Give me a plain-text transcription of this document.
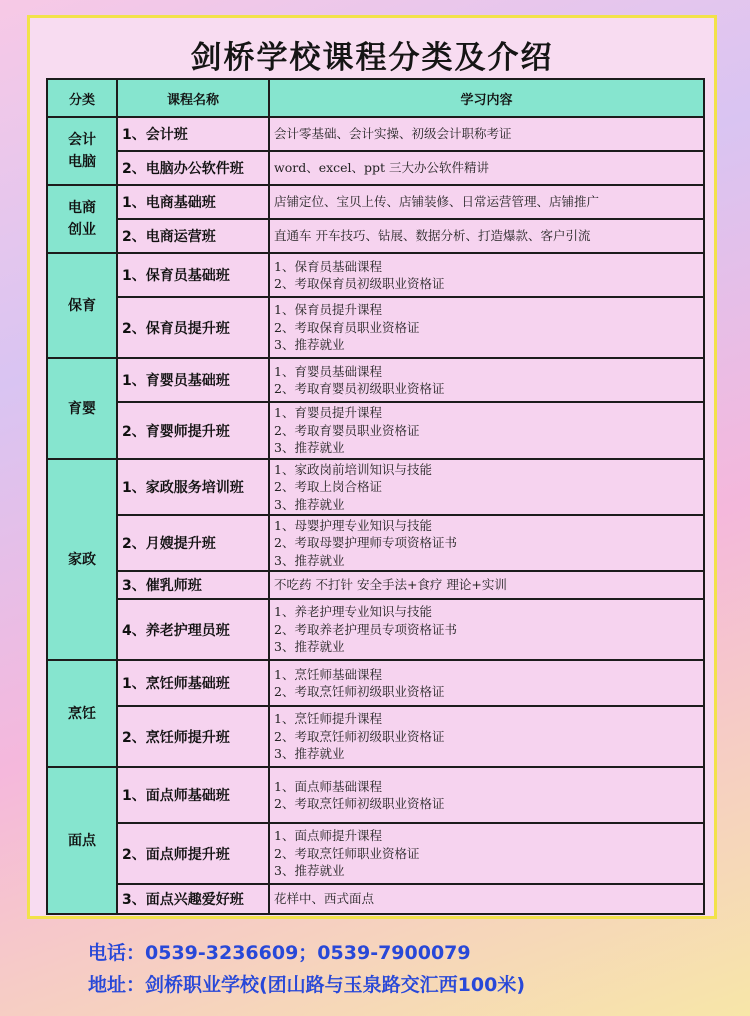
剑桥学校课程分类及介绍
分类	课程名称	学习内容

会计
电脑	1、会计班	会计零基础、会计实操、初级会计职称考证

	2、电脑办公软件班	word、excel、ppt 三大办公软件精讲

电商
创业	1、电商基础班	店铺定位、宝贝上传、店铺装修、日常运营管理、店铺推广

	2、电商运营班	直通车 开车技巧、钻展、数据分析、打造爆款、客户引流

保育	1、保育员基础班	1、保育员基础课程
2、考取保育员初级职业资格证

	2、保育员提升班	1、保育员提升课程
2、考取保育员职业资格证
3、推荐就业

育婴	1、育婴员基础班	1、育婴员基础课程
2、考取育婴员初级职业资格证

	2、育婴师提升班	1、育婴员提升课程
2、考取育婴员职业资格证
3、推荐就业

家政	1、家政服务培训班	1、家政岗前培训知识与技能
2、考取上岗合格证
3、推荐就业

	2、月嫂提升班	1、母婴护理专业知识与技能
2、考取母婴护理师专项资格证书
3、推荐就业

	3、催乳师班	不吃药 不打针 安全手法+食疗 理论+实训

	4、养老护理员班	1、养老护理专业知识与技能
2、考取养老护理员专项资格证书
3、推荐就业

烹饪	1、烹饪师基础班	1、烹饪师基础课程
2、考取烹饪师初级职业资格证

	2、烹饪师提升班	1、烹饪师提升课程
2、考取烹饪师初级职业资格证
3、推荐就业

面点	1、面点师基础班	1、面点师基础课程
2、考取烹饪师初级职业资格证

	2、面点师提升班	1、面点师提升课程
2、考取烹饪师职业资格证
3、推荐就业

	3、面点兴趣爱好班	花样中、西式面点
电话：0539-3236609；0539-7900079
地址：剑桥职业学校(团山路与玉泉路交汇西100米)
